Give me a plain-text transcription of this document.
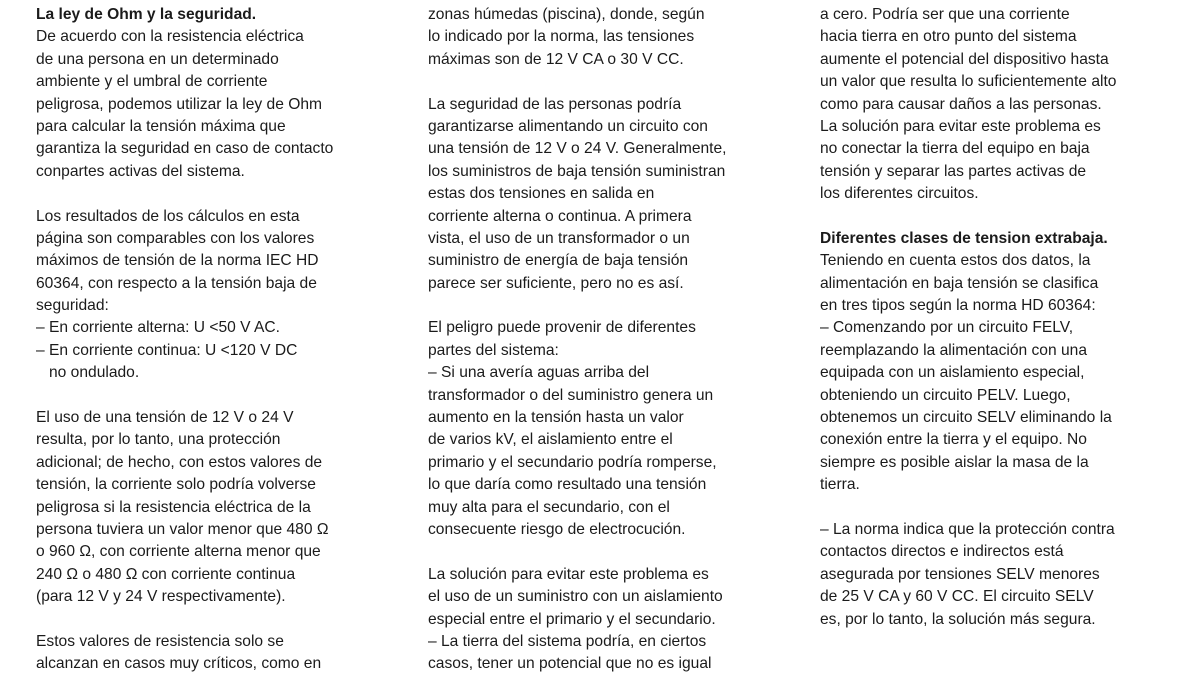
La ley de Ohm y la seguridad.
De acuerdo con la resistencia eléctrica
de una persona en un determinado
ambiente y el umbral de corriente
peligrosa, podemos utilizar la ley de Ohm
para calcular la tensión máxima que
garantiza la seguridad en caso de contacto
conpartes activas del sistema.
Los resultados de los cálculos en esta
página son comparables con los valores
máximos de tensión de la norma IEC HD
60364, con respecto a la tensión baja de
seguridad:
– En corriente alterna: U <50 V AC.
– En corriente continua: U <120 V DC
no ondulado.
El uso de una tensión de 12 V o 24 V
resulta, por lo tanto, una protección
adicional; de hecho, con estos valores de
tensión, la corriente solo podría volverse
peligrosa si la resistencia eléctrica de la
persona tuviera un valor menor que 480 Ω
o 960 Ω, con corriente alterna menor que
240 Ω o 480 Ω con corriente continua
(para 12 V y 24 V respectivamente).
Estos valores de resistencia solo se
alcanzan en casos muy críticos, como en
zonas húmedas (piscina), donde, según
lo indicado por la norma, las tensiones
máximas son de 12 V CA o 30 V CC.
La seguridad de las personas podría
garantizarse alimentando un circuito con
una tensión de 12 V o 24 V. Generalmente,
los suministros de baja tensión suministran
estas dos tensiones en salida en
corriente alterna o continua. A primera
vista, el uso de un transformador o un
suministro de energía de baja tensión
parece ser suficiente, pero no es así.
El peligro puede provenir de diferentes
partes del sistema:
– Si una avería aguas arriba del
transformador o del suministro genera un
aumento en la tensión hasta un valor
de varios kV, el aislamiento entre el
primario y el secundario podría romperse,
lo que daría como resultado una tensión
muy alta para el secundario, con el
consecuente riesgo de electrocución.
La solución para evitar este problema es
el uso de un suministro con un aislamiento
especial entre el primario y el secundario.
– La tierra del sistema podría, en ciertos
casos, tener un potencial que no es igual
a cero. Podría ser que una corriente
hacia tierra en otro punto del sistema
aumente el potencial del dispositivo hasta
un valor que resulta lo suficientemente alto
como para causar daños a las personas.
La solución para evitar este problema es
no conectar la tierra del equipo en baja
tensión y separar las partes activas de
los diferentes circuitos.
Diferentes clases de tension extrabaja.
Teniendo en cuenta estos dos datos, la
alimentación en baja tensión se clasifica
en tres tipos según la norma HD 60364:
– Comenzando por un circuito FELV,
reemplazando la alimentación con una
equipada con un aislamiento especial,
obteniendo un circuito PELV. Luego,
obtenemos un circuito SELV eliminando la
conexión entre la tierra y el equipo. No
siempre es posible aislar la masa de la
tierra.
– La norma indica que la protección contra
contactos directos e indirectos está
asegurada por tensiones SELV menores
de 25 V CA y 60 V CC. El circuito SELV
es, por lo tanto, la solución más segura.
